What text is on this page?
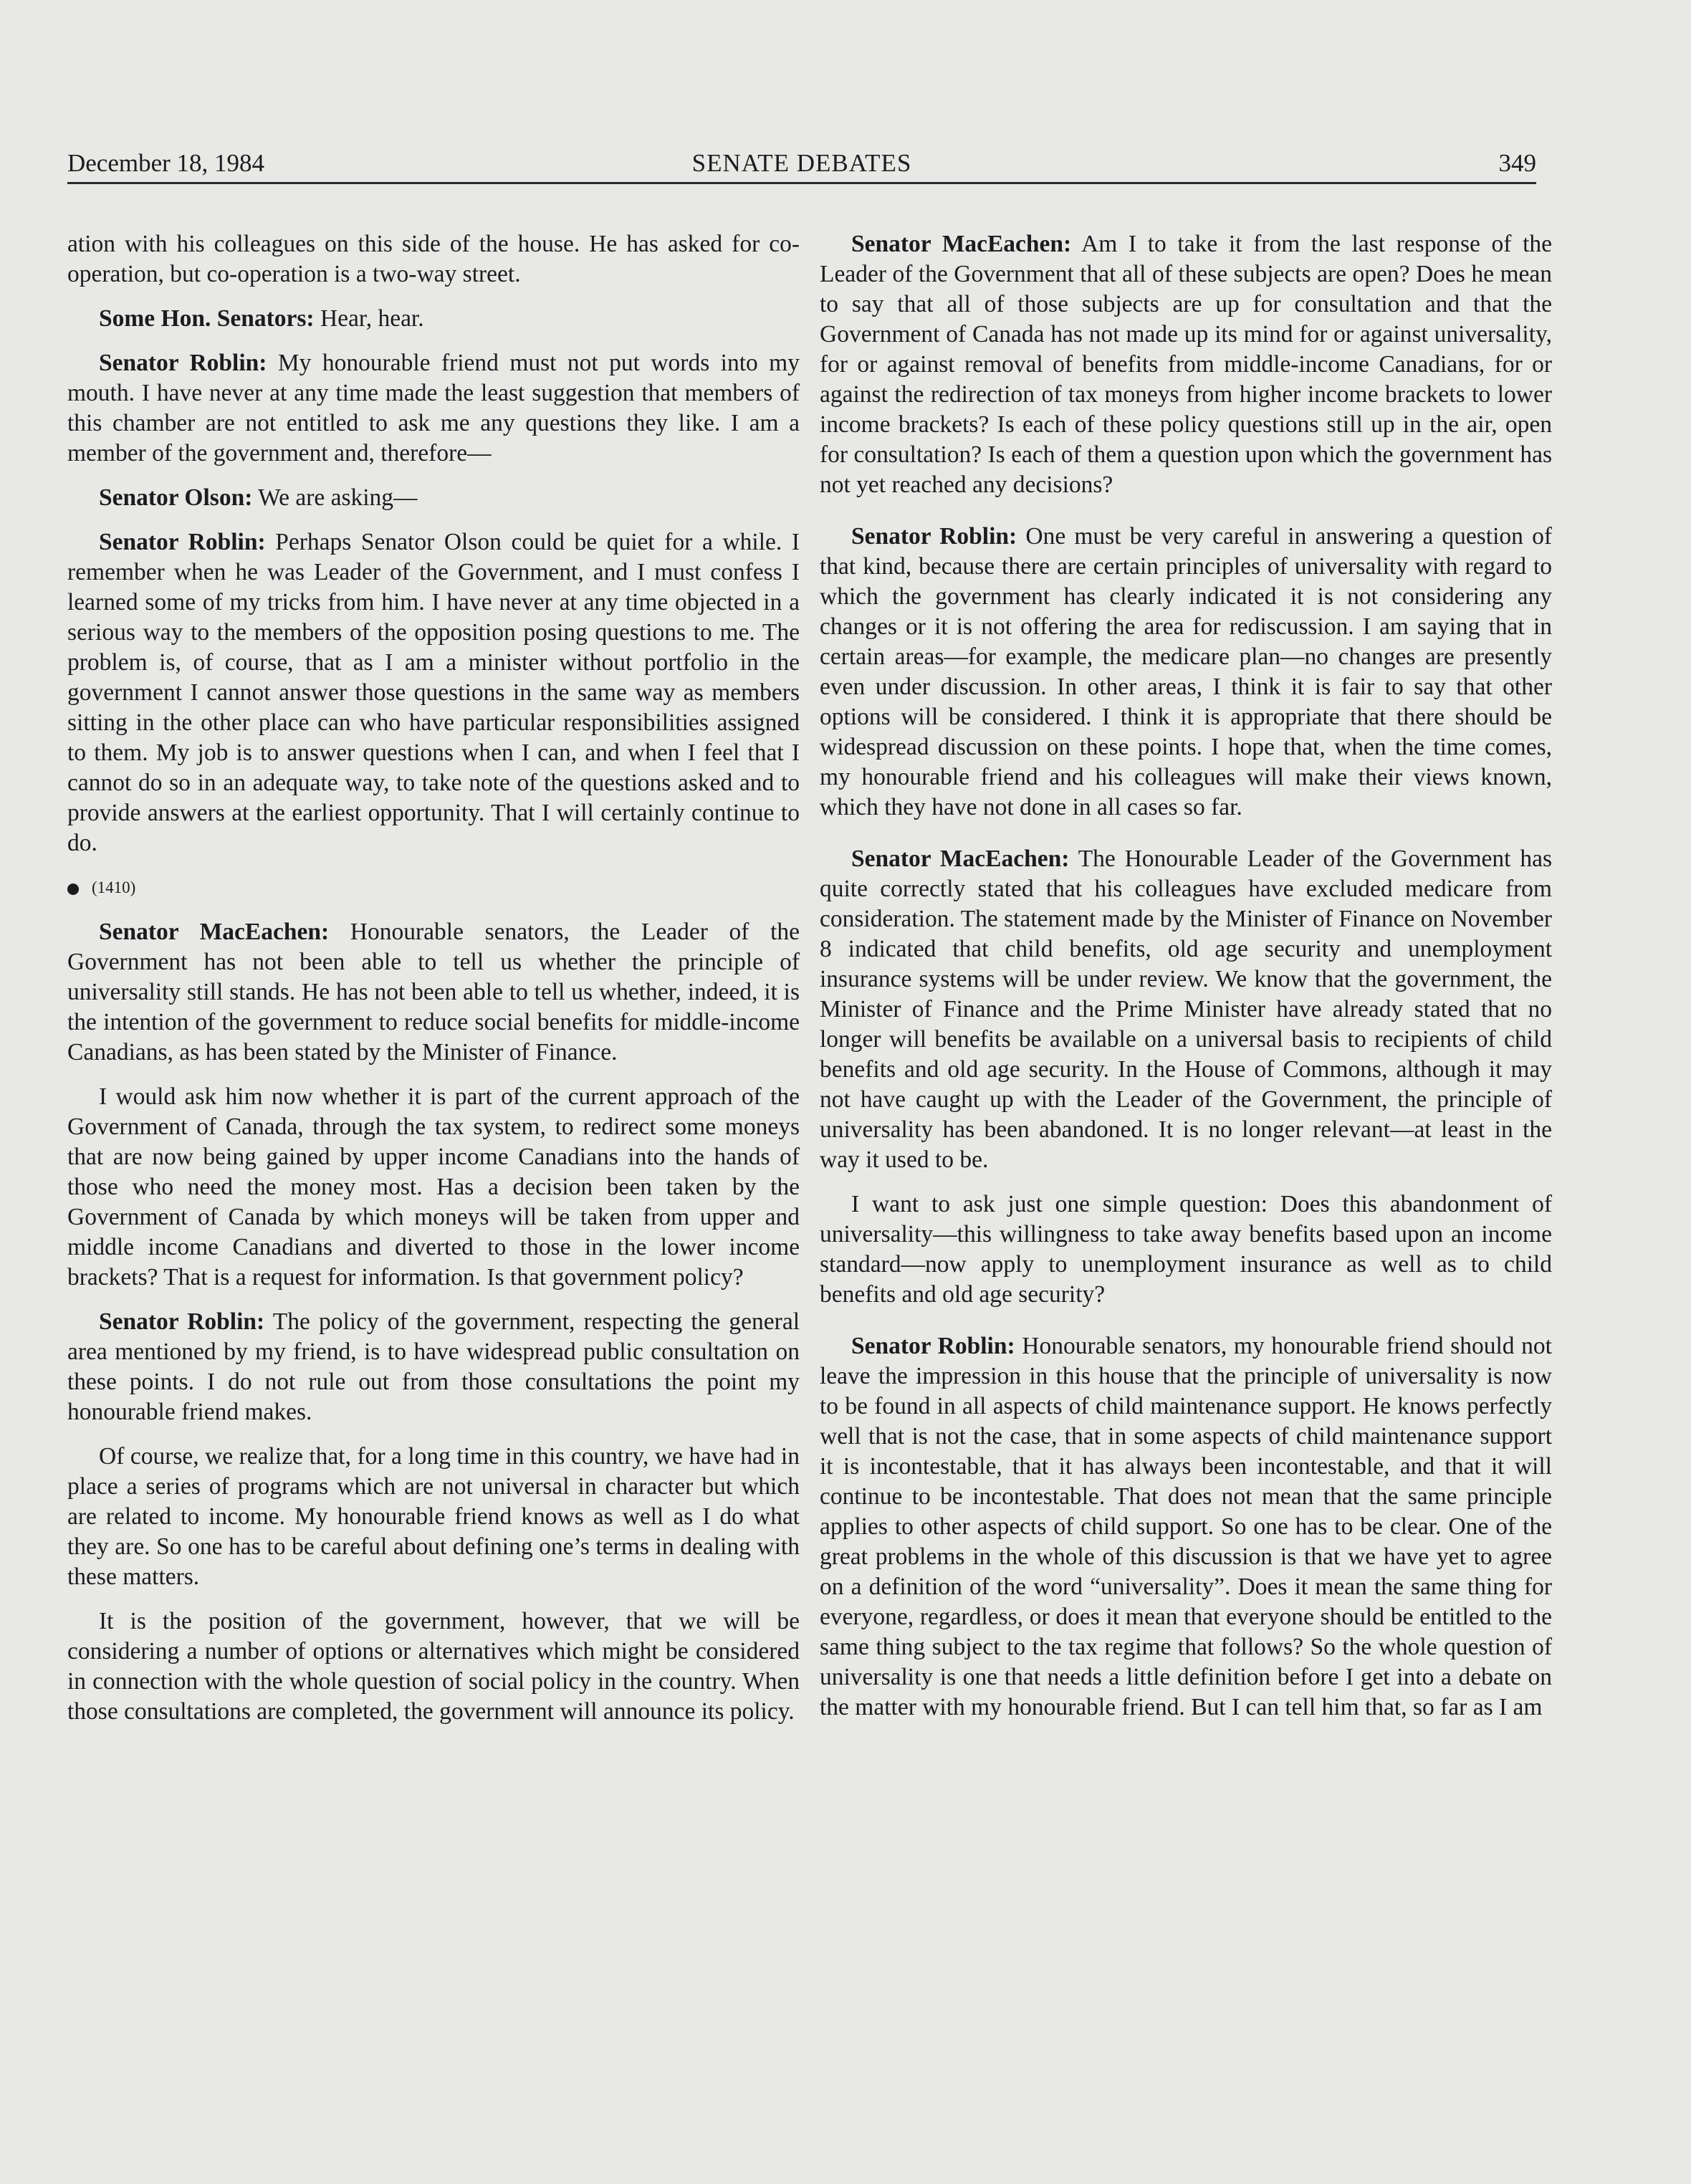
December 18, 1984	SENATE DEBATES	349

ation with his colleagues on this side of the house. He has asked for co-operation, but co-operation is a two-way street.

Some Hon. Senators: Hear, hear.

Senator Roblin: My honourable friend must not put words into my mouth. I have never at any time made the least suggestion that members of this chamber are not entitled to ask me any questions they like. I am a member of the government and, therefore—

Senator Olson: We are asking—

Senator Roblin: Perhaps Senator Olson could be quiet for a while. I remember when he was Leader of the Government, and I must confess I learned some of my tricks from him. I have never at any time objected in a serious way to the members of the opposition posing questions to me. The problem is, of course, that as I am a minister without portfolio in the government I cannot answer those questions in the same way as members sitting in the other place can who have particular responsibilities assigned to them. My job is to answer questions when I can, and when I feel that I cannot do so in an adequate way, to take note of the questions asked and to provide answers at the earliest opportunity. That I will certainly continue to do.

(1410)

Senator MacEachen: Honourable senators, the Leader of the Government has not been able to tell us whether the principle of universality still stands. He has not been able to tell us whether, indeed, it is the intention of the government to reduce social benefits for middle-income Canadians, as has been stated by the Minister of Finance.

I would ask him now whether it is part of the current approach of the Government of Canada, through the tax system, to redirect some moneys that are now being gained by upper income Canadians into the hands of those who need the money most. Has a decision been taken by the Government of Canada by which moneys will be taken from upper and middle income Canadians and diverted to those in the lower income brackets? That is a request for information. Is that government policy?

Senator Roblin: The policy of the government, respecting the general area mentioned by my friend, is to have widespread public consultation on these points. I do not rule out from those consultations the point my honourable friend makes.

Of course, we realize that, for a long time in this country, we have had in place a series of programs which are not universal in character but which are related to income. My honourable friend knows as well as I do what they are. So one has to be careful about defining one’s terms in dealing with these matters.

It is the position of the government, however, that we will be considering a number of options or alternatives which might be considered in connection with the whole question of social policy in the country. When those consultations are completed, the government will announce its policy.

Senator MacEachen: Am I to take it from the last response of the Leader of the Government that all of these subjects are open? Does he mean to say that all of those subjects are up for consultation and that the Government of Canada has not made up its mind for or against universality, for or against removal of benefits from middle-income Canadians, for or against the redirection of tax moneys from higher income brackets to lower income brackets? Is each of these policy questions still up in the air, open for consultation? Is each of them a question upon which the government has not yet reached any decisions?

Senator Roblin: One must be very careful in answering a question of that kind, because there are certain principles of universality with regard to which the government has clearly indicated it is not considering any changes or it is not offering the area for rediscussion. I am saying that in certain areas—for example, the medicare plan—no changes are presently even under discussion. In other areas, I think it is fair to say that other options will be considered. I think it is appropriate that there should be widespread discussion on these points. I hope that, when the time comes, my honourable friend and his colleagues will make their views known, which they have not done in all cases so far.

Senator MacEachen: The Honourable Leader of the Government has quite correctly stated that his colleagues have excluded medicare from consideration. The statement made by the Minister of Finance on November 8 indicated that child benefits, old age security and unemployment insurance systems will be under review. We know that the government, the Minister of Finance and the Prime Minister have already stated that no longer will benefits be available on a universal basis to recipients of child benefits and old age security. In the House of Commons, although it may not have caught up with the Leader of the Government, the principle of universality has been abandoned. It is no longer relevant—at least in the way it used to be.

I want to ask just one simple question: Does this abandonment of universality—this willingness to take away benefits based upon an income standard—now apply to unemployment insurance as well as to child benefits and old age security?

Senator Roblin: Honourable senators, my honourable friend should not leave the impression in this house that the principle of universality is now to be found in all aspects of child maintenance support. He knows perfectly well that is not the case, that in some aspects of child maintenance support it is incontestable, that it has always been incontestable, and that it will continue to be incontestable. That does not mean that the same principle applies to other aspects of child support. So one has to be clear. One of the great problems in the whole of this discussion is that we have yet to agree on a definition of the word “universality”. Does it mean the same thing for everyone, regardless, or does it mean that everyone should be entitled to the same thing subject to the tax regime that follows? So the whole question of universality is one that needs a little definition before I get into a debate on the matter with my honourable friend. But I can tell him that, so far as I am
